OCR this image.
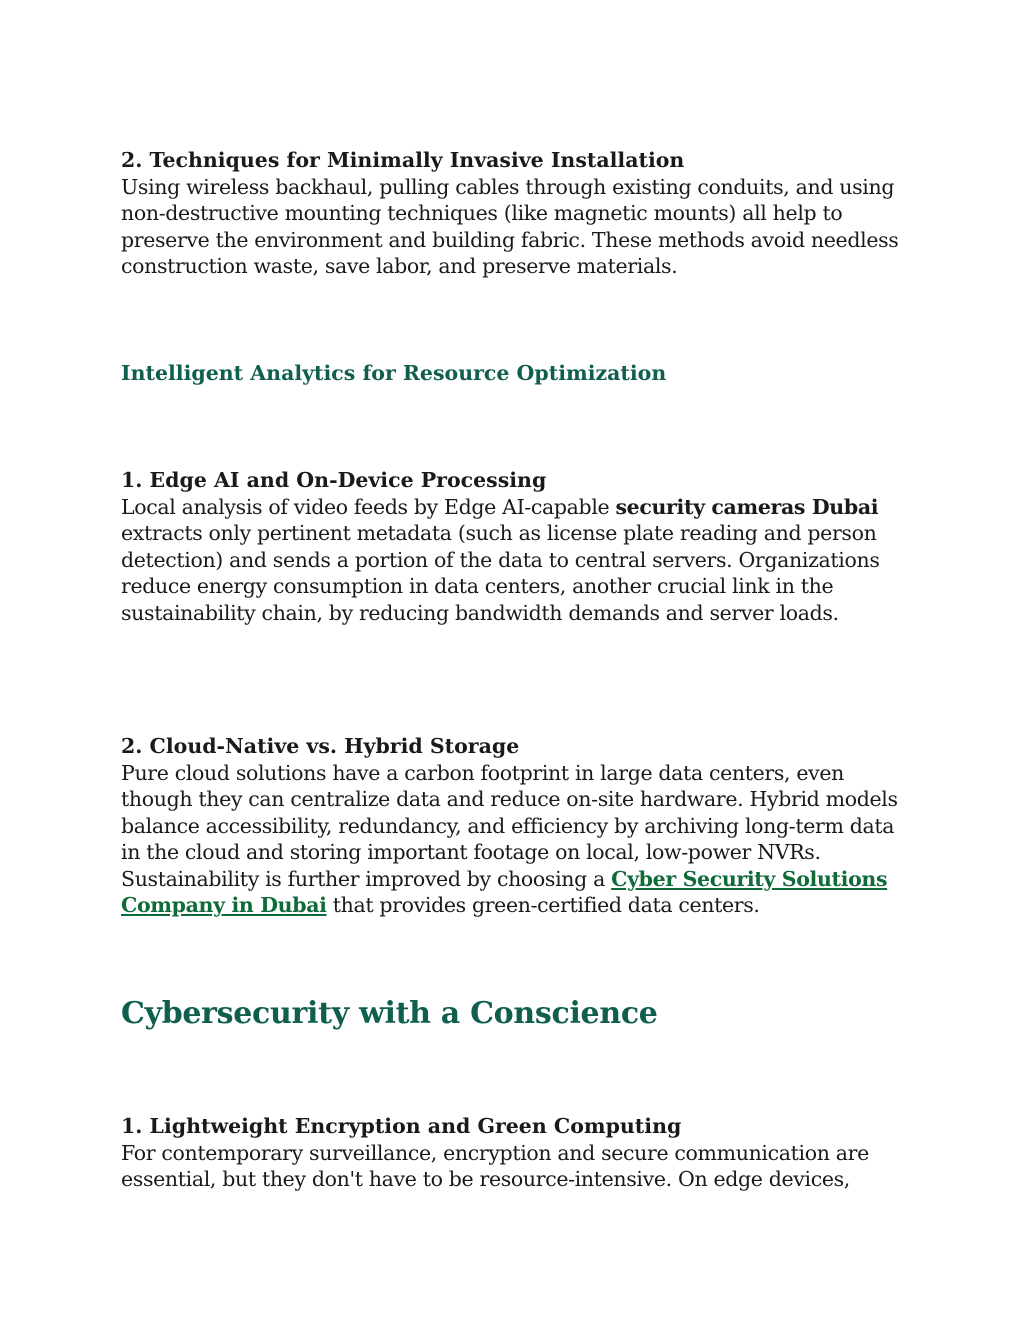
2. Techniques for Minimally Invasive Installation
Using wireless backhaul, pulling cables through existing conduits, and using non-destructive mounting techniques (like magnetic mounts) all help to preserve the environment and building fabric. These methods avoid needless construction waste, save labor, and preserve materials.
Intelligent Analytics for Resource Optimization
1. Edge AI and On-Device Processing
Local analysis of video feeds by Edge AI-capable security cameras Dubai extracts only pertinent metadata (such as license plate reading and person detection) and sends a portion of the data to central servers. Organizations reduce energy consumption in data centers, another crucial link in the sustainability chain, by reducing bandwidth demands and server loads.
2. Cloud-Native vs. Hybrid Storage
Pure cloud solutions have a carbon footprint in large data centers, even though they can centralize data and reduce on-site hardware. Hybrid models balance accessibility, redundancy, and efficiency by archiving long-term data in the cloud and storing important footage on local, low-power NVRs. Sustainability is further improved by choosing a Cyber Security Solutions Company in Dubai that provides green-certified data centers.
Cybersecurity with a Conscience
1. Lightweight Encryption and Green Computing
For contemporary surveillance, encryption and secure communication are essential, but they don't have to be resource-intensive. On edge devices,
